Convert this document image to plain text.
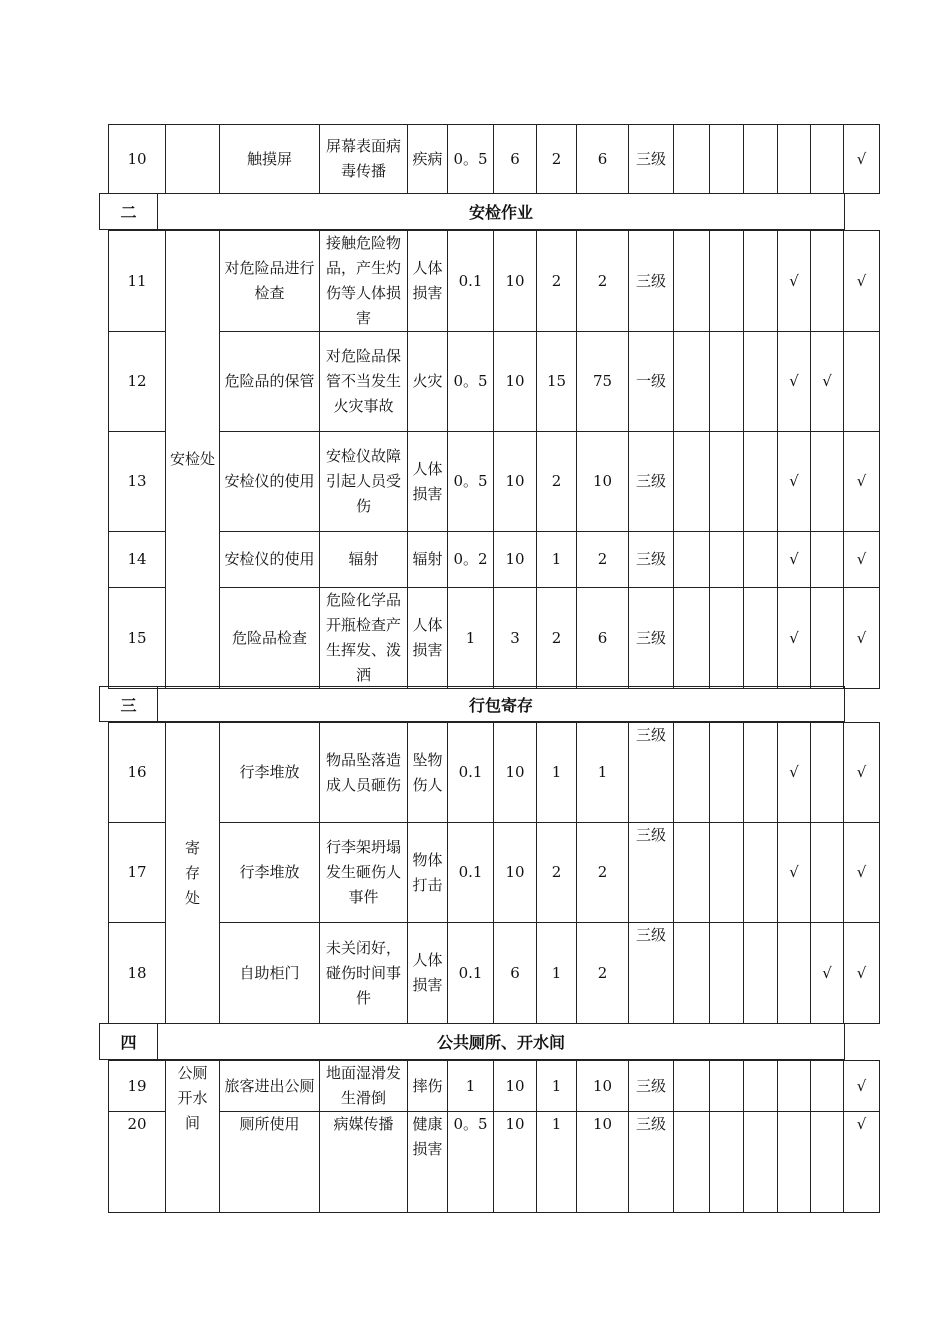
10		触摸屏	屏幕表面病毒传播	疾病	0。5	6	2	6	三级						√
二	安检作业
11	安检处	对危险品进行检查	接触危险物品，产生灼伤等人体损害	人体损害	0.1	10	2	2	三级				√		√
12		危险品的保管	对危险品保管不当发生火灾事故	火灾	0。5	10	15	75	一级				√	√	
13		安检仪的使用	安检仪故障引起人员受伤	人体损害	0。5	10	2	10	三级				√		√
14		安检仪的使用	辐射	辐射	0。2	10	1	2	三级				√		√
15		危险品检查	危险化学品开瓶检查产生挥发、泼洒	人体损害	1	3	2	6	三级				√		√
三	行包寄存
16	寄存处	行李堆放	物品坠落造成人员砸伤	坠物伤人	0.1	10	1	1	三级				√		√
17		行李堆放	行李架坍塌发生砸伤人事件	物体打击	0.1	10	2	2	三级				√		√
18		自助柜门	未关闭好，碰伤时间事件	人体损害	0.1	6	1	2	三级					√	√
四	公共厕所、开水间
19	公厕开水间	旅客进出公厕	地面湿滑发生滑倒	摔伤	1	10	1	10	三级						√
20		厕所使用	病媒传播	健康损害	0。5	10	1	10	三级						√
